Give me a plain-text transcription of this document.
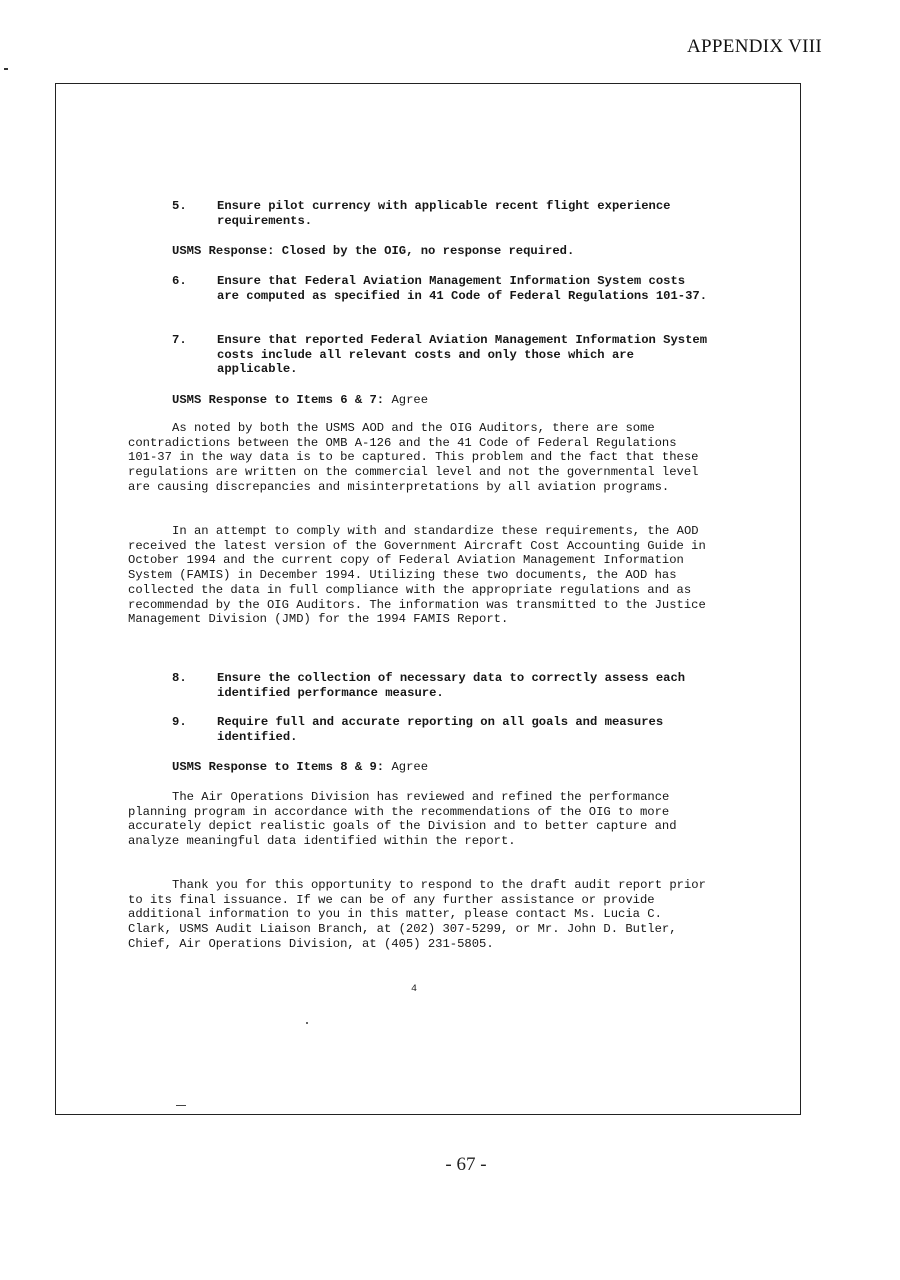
APPENDIX VIII
5.	Ensure pilot currency with applicable recent flight experience requirements.
USMS Response: Closed by the OIG, no response required.
6.	Ensure that Federal Aviation Management Information System costs are computed as specified in 41 Code of Federal Regulations 101-37.
7.	Ensure that reported Federal Aviation Management Information System costs include all relevant costs and only those which are applicable.
USMS Response to Items 6 & 7: Agree
As noted by both the USMS AOD and the OIG Auditors, there are some contradictions between the OMB A-126 and the 41 Code of Federal Regulations 101-37 in the way data is to be captured. This problem and the fact that these regulations are written on the commercial level and not the governmental level are causing discrepancies and misinterpretations by all aviation programs.
In an attempt to comply with and standardize these requirements, the AOD received the latest version of the Government Aircraft Cost Accounting Guide in October 1994 and the current copy of Federal Aviation Management Information System (FAMIS) in December 1994. Utilizing these two documents, the AOD has collected the data in full compliance with the appropriate regulations and as recommendad by the OIG Auditors. The information was transmitted to the Justice Management Division (JMD) for the 1994 FAMIS Report.
8.	Ensure the collection of necessary data to correctly assess each identified performance measure.
9.	Require full and accurate reporting on all goals and measures identified.
USMS Response to Items 8 & 9: Agree
The Air Operations Division has reviewed and refined the performance planning program in accordance with the recommendations of the OIG to more accurately depict realistic goals of the Division and to better capture and analyze meaningful data identified within the report.
Thank you for this opportunity to respond to the draft audit report prior to its final issuance. If we can be of any further assistance or provide additional information to you in this matter, please contact Ms. Lucia C. Clark, USMS Audit Liaison Branch, at (202) 307-5299, or Mr. John D. Butler, Chief, Air Operations Division, at (405) 231-5805.
4
- 67 -
